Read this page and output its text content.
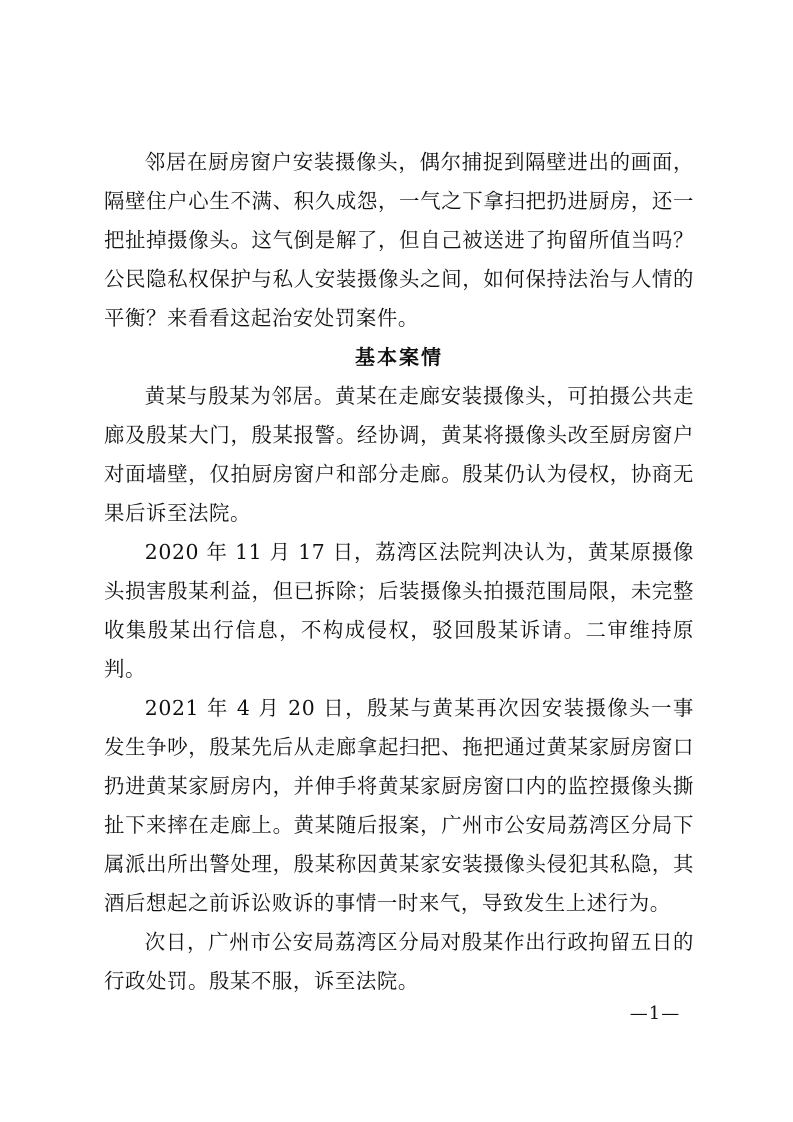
邻居在厨房窗户安装摄像头，偶尔捕捉到隔壁进出的画面，隔壁住户心生不满、积久成怨，一气之下拿扫把扔进厨房，还一把扯掉摄像头。这气倒是解了，但自己被送进了拘留所值当吗？公民隐私权保护与私人安装摄像头之间，如何保持法治与人情的平衡？来看看这起治安处罚案件。

基本案情

黄某与殷某为邻居。黄某在走廊安装摄像头，可拍摄公共走廊及殷某大门，殷某报警。经协调，黄某将摄像头改至厨房窗户对面墙壁，仅拍厨房窗户和部分走廊。殷某仍认为侵权，协商无果后诉至法院。

2020 年 11 月 17 日，荔湾区法院判决认为，黄某原摄像头损害殷某利益，但已拆除；后装摄像头拍摄范围局限，未完整收集殷某出行信息，不构成侵权，驳回殷某诉请。二审维持原判。

2021 年 4 月 20 日，殷某与黄某再次因安装摄像头一事发生争吵，殷某先后从走廊拿起扫把、拖把通过黄某家厨房窗口扔进黄某家厨房内，并伸手将黄某家厨房窗口内的监控摄像头撕扯下来摔在走廊上。黄某随后报案，广州市公安局荔湾区分局下属派出所出警处理，殷某称因黄某家安装摄像头侵犯其私隐，其酒后想起之前诉讼败诉的事情一时来气，导致发生上述行为。

次日，广州市公安局荔湾区分局对殷某作出行政拘留五日的行政处罚。殷某不服，诉至法院。

—1—
